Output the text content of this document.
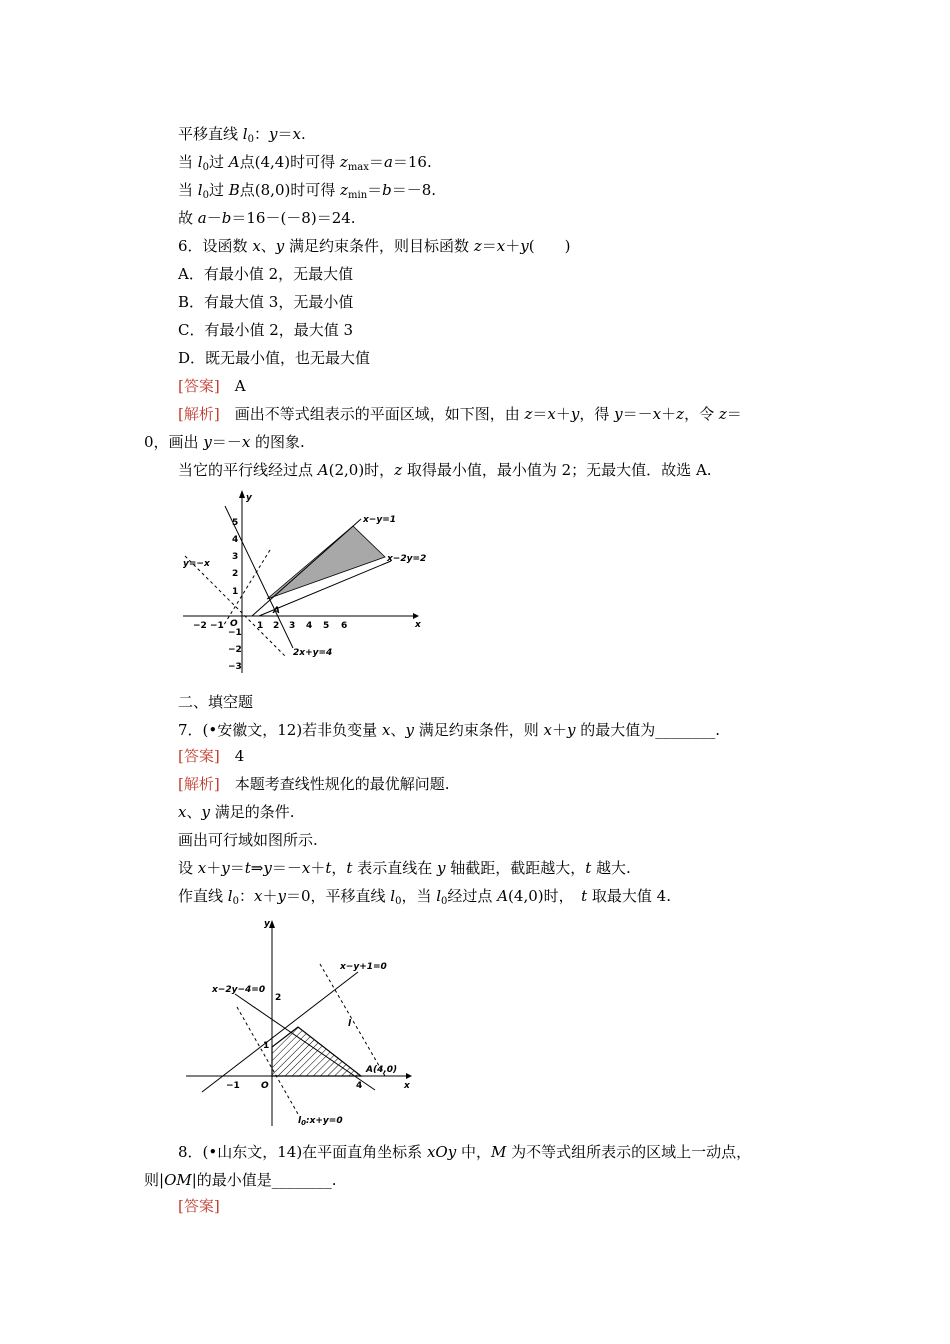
平移直线 $l_0$：y＝x.
当 $l_0$过 A点(4,4)时可得 $z_{max}=a=16$.
当 $l_0$过 B点(8,0)时可得 $z_{min}=b=-8$.
故 a－b＝16－(－8)＝24.
6．设函数 x、y 满足约束条件，则目标函数 z＝x＋y(　　)
A．有最小值 2，无最大值
B．有最大值 3，无最小值
C．有最小值 2，最大值 3
D．既无最小值，也无最大值
[答案]　A
[解析]　画出不等式组表示的平面区域，如下图，由 z＝x＋y，得 y＝－x＋z，令 z＝
0，画出 y＝－x 的图象.
当它的平行线经过点 A(2,0)时，z 取得最小值，最小值为 2；无最大值．故选 A.
x
y
O
−2 −1	1 2 3 4 5 6
5
4
3
2
1
−1
−2
−3
x−y=1
x−2y=2
y=−x
2x+y=4
A
二、填空题
7．(•安徽文，12)若非负变量 x、y 满足约束条件，则 x＋y 的最大值为________.
[答案]　4
[解析]　本题考查线性规化的最优解问题.
x、y 满足的条件.
画出可行域如图所示.
设 x＋y＝t⇒y＝－x＋t，t 表示直线在 y 轴截距，截距越大，t 越大.
作直线 $l_0$：x＋y＝0，平移直线 $l_0$，当 $l_0$经过点 A(4,0)时，　t 取最大值 4.
x
y
O
−1	4
1
2
x−2y−4=0
x−y+1=0
l
$l_0:x+y=0$
A(4,0)
8．(•山东文，14)在平面直角坐标系 xOy 中，M 为不等式组所表示的区域上一动点，
则|OM|的最小值是________.
[答案]
